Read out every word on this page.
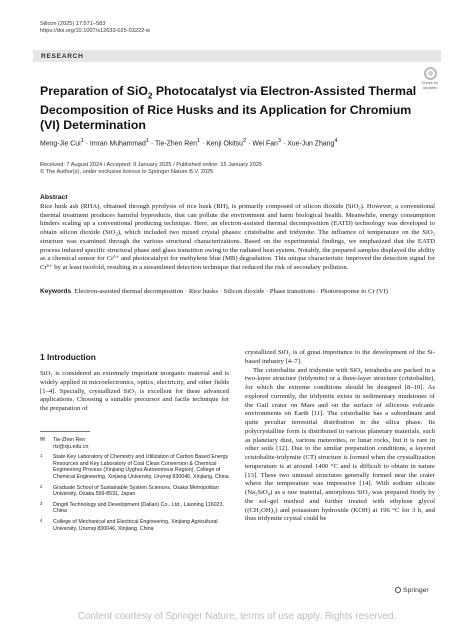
Silicon (2025) 17:571–583
https://doi.org/10.1007/s12633-025-03222-w
RESEARCH
Check for updates
Preparation of SiO$_2$ Photocatalyst via Electron-Assisted Thermal Decomposition of Rice Husks and its Application for Chromium (VI) Determination
Meng-Jie Cui$^1$ · Imran Muhammad$^1$ · Tie-Zhen Ren$^1$ · Kenji Okitsu$^2$ · Wei Fan$^3$ · Xue-Jun Zhang$^4$
Received: 7 August 2024 / Accepted: 9 January 2025 / Published online: 15 January 2025
© The Author(s), under exclusive licence to Springer Nature B.V. 2025
Abstract
Rice husk ash (RHA), obtained through pyrolysis of rice husk (RH), is primarily composed of silicon dioxide (SiO₂). However, a conventional thermal treatment produces harmful byproducts, that can pollute the environment and harm biological health. Meanwhile, energy consumption hinders scaling up a conventional producing technique. Here, an electron-assisted thermal decomposition (EATD) technology was developed to obtain silicon dioxide (SiO₂), which included two mixed crystal phases: cristobalite and tridymite. The influence of temperature on the SiO₂ structure was examined through the various structural characterizations. Based on the experimental findings, we emphasized that the EATD process induced specific structural phase and glass transition owing to the radiated heat system. Notably, the prepared samples displayed the ability as a chemical sensor for Cr⁶⁺ and photocatalyst for methylene blue (MB) degradation. This unique characteristic improved the detection signal for Cr⁶⁺ by at least twofold, resulting in a streamlined detection technique that reduced the risk of secondary pollution.
Keywords Electron-assisted thermal decomposition · Rice husks · Silicon dioxide · Phase transitions · Photoresponse to Cr (VI)
1 Introduction

SiO₂ is considered an extremely important inorganic material and is widely applied in microelectronics, optics, electricity, and other fields [1–4]. Specially, crystallized SiO₂ is excellent for these advanced applications. Choosing a suitable precursor and facile technique for the preparation of

crystallized SiO₂ is of great importance to the development of the Si-based industry [4–7].

The cristobalite and tridymite with SiO₄ tetrahedra are packed in a two-layer structure (tridymite) or a three-layer structure (cristobalite), for which the extreme conditions should be designed [8–10]. As explored currently, the tridymite exists in sedimentary mudstones of the Gail crater on Mars and on the surface of siliceous volcanic environments on Earth [11]. The cristobalite has a subordinate and quite peculiar terrestrial distribution in the silica phase. Its polycrystalline form is distributed in various planetary materials, such as planetary dust, various meteorites, or lunar rocks, but it is rare in other soils [12]. Due to the similar preparation conditions, a layered cristobalite-tridymite (CT) structure is formed when the crystallization temperature is at around 1400 °C and is difficult to obtain in nature [13]. These two unusual structures generally formed near the crater where the temperature was impressive [14]. With sodium silicate (Na₂SiO₄) as a raw material, amorphous SiO₂ was prepared firstly by the sol–gel method and further treated with ethylene glycol ((CH₂OH)₂) and potassium hydroxide (KOH) at 196 °C for 3 h, and thus tridymite crystal could be

✉ Tie-Zhen Ren
rtz@xju.edu.cn
1 State Key Laboratory of Chemistry and Utilization of Carbon Based Energy Resources and Key Laboratory of Coal Clean Conversion & Chemical Engineering Process (Xinjiang Uyghur Autonomous Region), College of Chemical Engineering, Xinjiang University, Urumqi 830046, Xinjiang, China
2 Graduate School of Sustainable System Sciences, Osaka Metropolitan University, Osaka 599-8531, Japan
3 Dingdi Technology and Development (Dalian) Co., Ltd., Liaoning 116023, China
4 College of Mechanical and Electrical Engineering, Xinjiang Agricultural University, Urumqi 830046, Xinjiang, China
Springer
Content courtesy of Springer Nature, terms of use apply. Rights reserved.
